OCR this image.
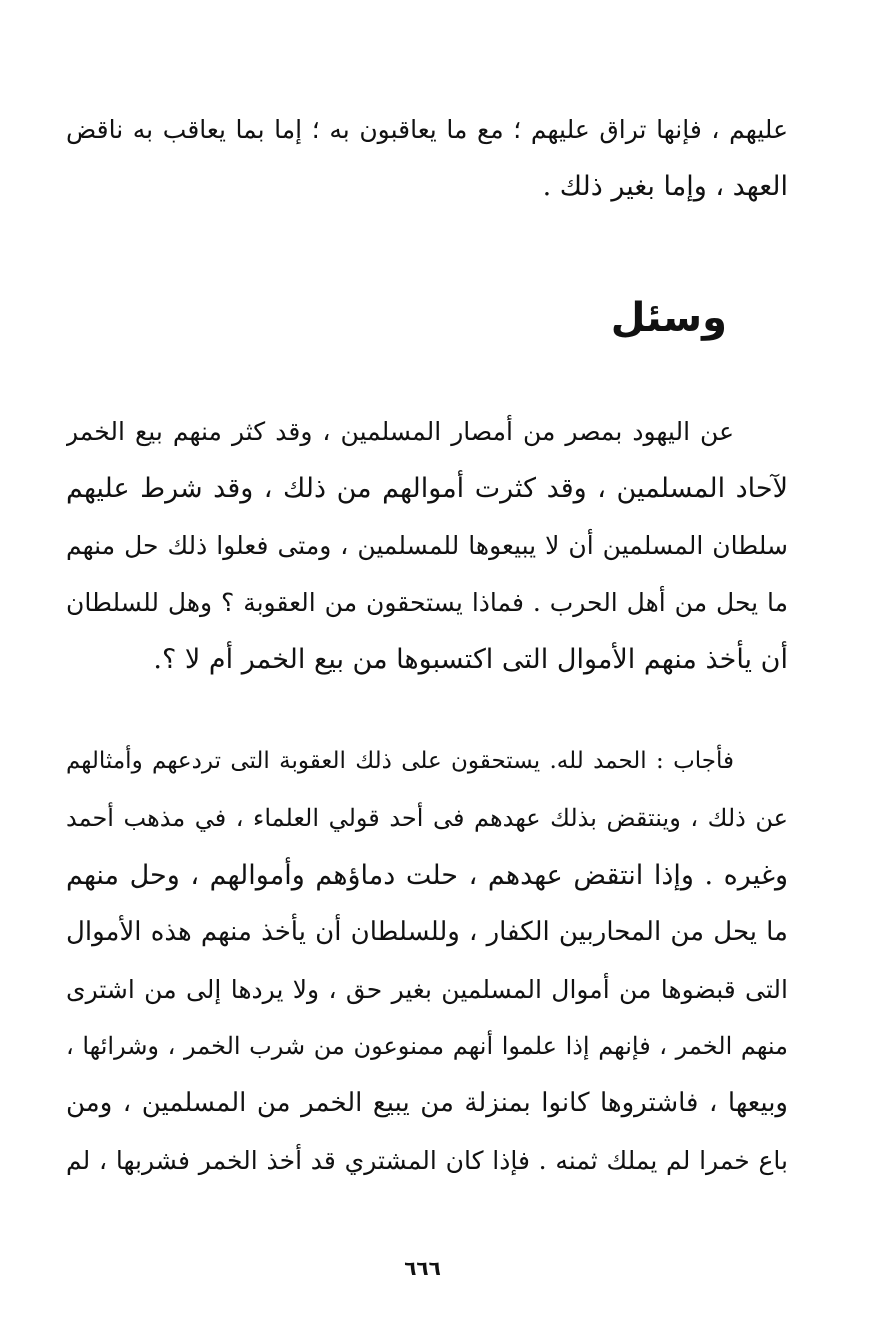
عليهم ، فإنها تراق عليهم ؛ مع ما يعاقبون به ؛ إما بما يعاقب به ناقض
العهد ، وإما بغير ذلك .
وسئل
عن اليهود بمصر من أمصار المسلمين ، وقد كثر منهم بيع الخمر
لآحاد المسلمين ، وقد كثرت أموالهم من ذلك ، وقد شرط عليهم
سلطان المسلمين أن لا يبيعوها للمسلمين ، ومتى فعلوا ذلك حل منهم
ما يحل من أهل الحرب . فماذا يستحقون من العقوبة ؟ وهل للسلطان
أن يأخذ منهم الأموال التى اكتسبوها من بيع الخمر أم لا ؟.
فأجاب : الحمد لله. يستحقون على ذلك العقوبة التى تردعهم وأمثالهم
عن ذلك ، وينتقض بذلك عهدهم فى أحد قولي العلماء ، في مذهب أحمد
وغيره . وإذا انتقض عهدهم ، حلت دماؤهم وأموالهم ، وحل منهم
ما يحل من المحاربين الكفار ، وللسلطان أن يأخذ منهم هذه الأموال
التى قبضوها من أموال المسلمين بغير حق ، ولا يردها إلى من اشترى
منهم الخمر ، فإنهم إذا علموا أنهم ممنوعون من شرب الخمر ، وشرائها ،
وبيعها ، فاشتروها كانوا بمنزلة من يبيع الخمر من المسلمين ، ومن
باع خمرا لم يملك ثمنه . فإذا كان المشتري قد أخذ الخمر فشربها ، لم
٦٦٦
